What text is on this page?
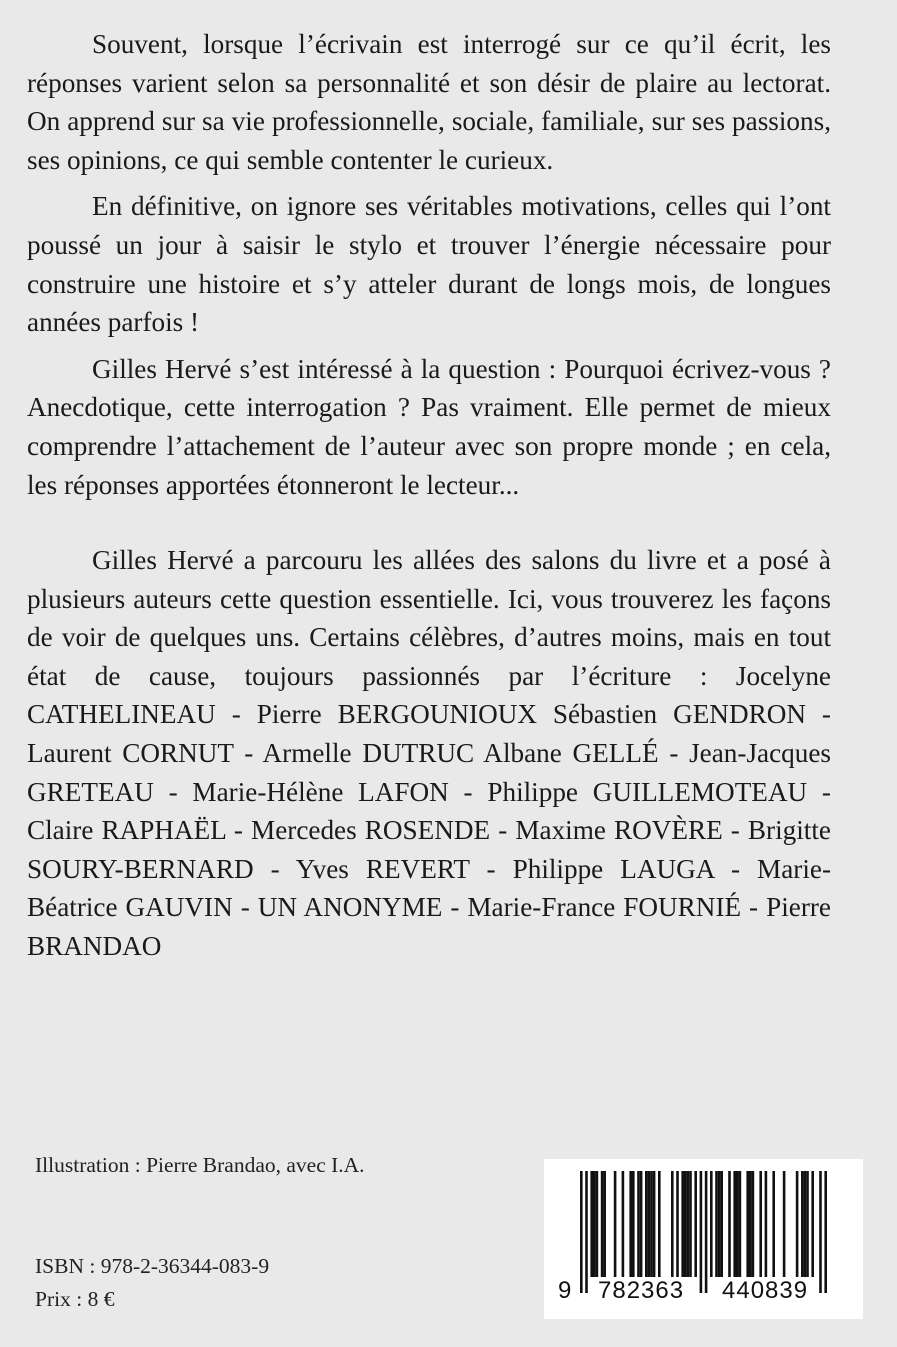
Souvent, lorsque l’écrivain est interrogé sur ce qu’il écrit, les réponses varient selon sa personnalité et son désir de plaire au lectorat. On apprend sur sa vie professionnelle, sociale, familiale, sur ses passions, ses opinions, ce qui semble contenter le curieux.

En définitive, on ignore ses véritables motivations, celles qui l’ont poussé un jour à saisir le stylo et trouver l’énergie nécessaire pour construire une histoire et s’y atteler durant de longs mois, de longues années parfois !

Gilles Hervé s’est intéressé à la question : Pourquoi écrivez-vous ? Anecdotique, cette interrogation ? Pas vraiment. Elle permet de mieux comprendre l’attachement de l’auteur avec son propre monde ; en cela, les réponses apportées étonneront le lecteur...

Gilles Hervé a parcouru les allées des salons du livre et a posé à plusieurs auteurs cette question essentielle. Ici, vous trouverez les façons de voir de quelques uns. Certains célèbres, d’autres moins, mais en tout état de cause, toujours passionnés par l’écriture : Jocelyne CATHELINEAU - Pierre BERGOUNIOUX Sébastien GENDRON - Laurent CORNUT - Armelle DUTRUC Albane GELLÉ - Jean-Jacques GRETEAU - Marie-Hélène LAFON - Philippe GUILLEMOTEAU - Claire RAPHAËL - Mercedes ROSENDE - Maxime ROVÈRE - Brigitte SOURY-BERNARD - Yves REVERT - Philippe LAUGA - Marie-Béatrice GAUVIN - UN ANONYME - Marie-France FOURNIÉ - Pierre BRANDAO

Illustration : Pierre Brandao, avec I.A.
ISBN : 978-2-36344-083-9
Prix : 8 €	9 782363 440839
